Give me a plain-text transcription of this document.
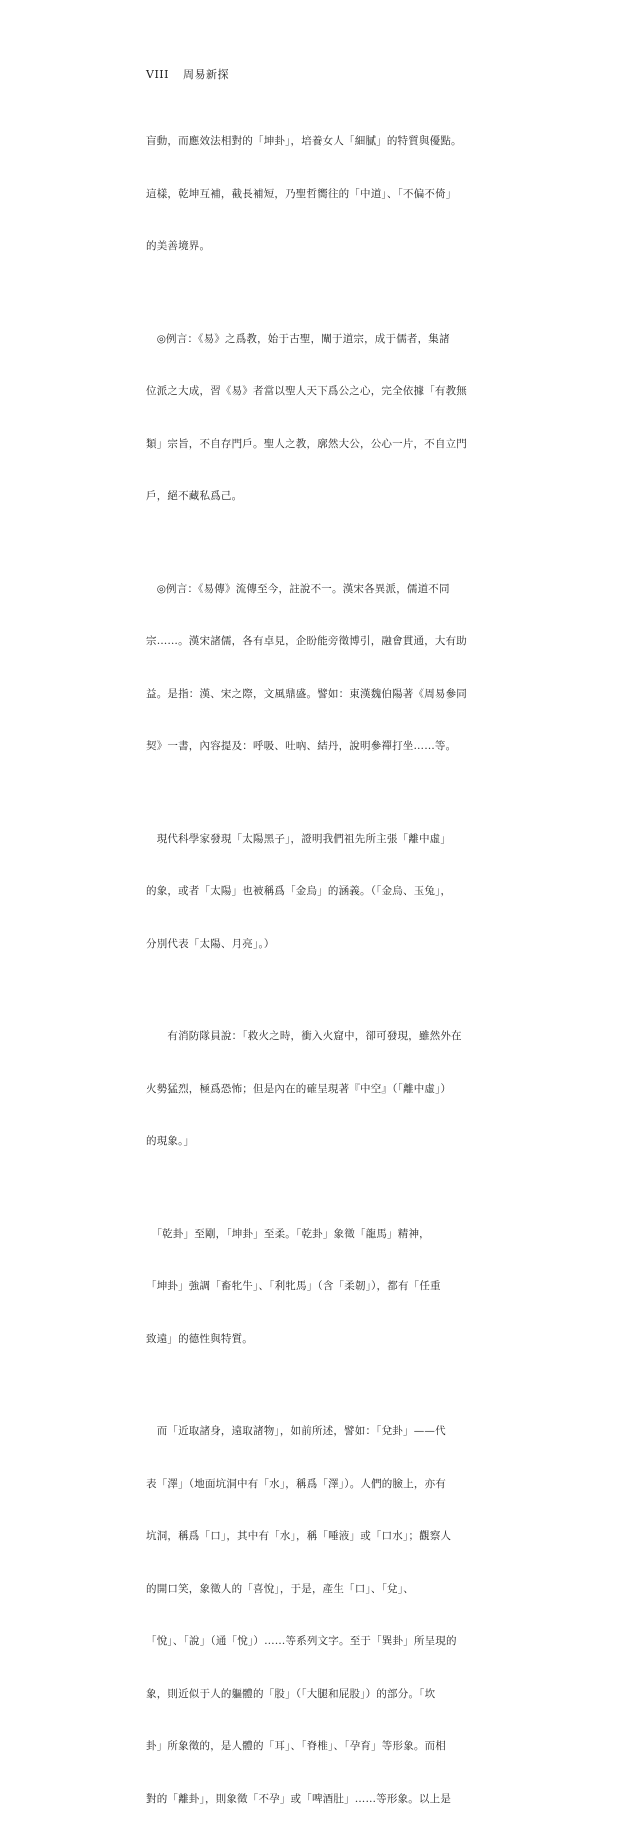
VIII 周易新探

盲動，而應效法相對的「坤卦」，培養女人「細膩」的特質與優點。

這樣，乾坤互補，截長補短，乃聖哲嚮往的「中道」、「不偏不倚」

的美善境界。

　◎例言：《易》之爲教，始于古聖，闡于道宗，成于儒者，集諸

位派之大成，習《易》者當以聖人天下爲公之心，完全依據「有教無

類」宗旨，不自存門戶。聖人之教，廓然大公，公心一片，不自立門

戶，絕不藏私爲己。

　◎例言：《易傳》流傳至今，註說不一。漢宋各異派，儒道不同

宗……。漢宋諸儒，各有卓見，企盼能旁徵博引，融會貫通，大有助

益。是指：漢、宋之際，文風鼎盛。譬如：東漢魏伯陽著《周易參同

契》一書，內容提及：呼吸、吐吶、結丹，說明參禪打坐……等。

　現代科學家發現「太陽黑子」，證明我們祖先所主張「離中虛」

的象，或者「太陽」也被稱爲「金烏」的涵義。（「金烏、玉兔」，

分別代表「太陽、月亮」。）

　　有消防隊員說：「救火之時，衝入火窟中，卻可發現，雖然外在

火勢猛烈，極爲恐怖；但是內在的確呈現著『中空』（「離中虛」）

的現象。」

　「乾卦」至剛，「坤卦」至柔。「乾卦」象徵「龍馬」精神，

「坤卦」強調「畜牝牛」、「利牝馬」（含「柔韌」），都有「任重

致遠」的德性與特質。

　而「近取諸身，遠取諸物」，如前所述，譬如：「兌卦」——代

表「澤」（地面坑洞中有「水」，稱爲「澤」）。人們的臉上，亦有

坑洞，稱爲「口」，其中有「水」，稱「唾液」或「口水」；觀察人

的開口笑，象徵人的「喜悅」，于是，產生「口」、「兌」、

「悅」、「說」（通「悅」）……等系列文字。至于「巽卦」所呈現的

象，則近似于人的軀體的「股」（「大腿和屁股」）的部分。「坎

卦」所象徵的，是人體的「耳」、「脊椎」、「孕育」等形象。而相

對的「離卦」，則象徵「不孕」或「啤酒肚」……等形象。以上是
